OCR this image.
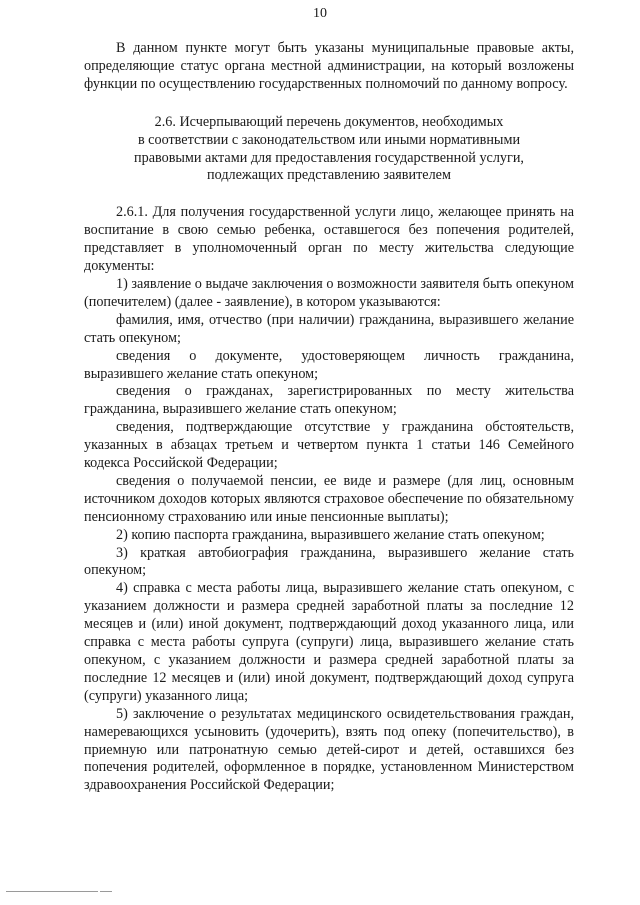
10

В данном пункте могут быть указаны муниципальные правовые акты, определяющие статус органа местной администрации, на который возложены функции по осуществлению государственных полномочий по данному вопросу.

2.6. Исчерпывающий перечень документов, необходимых
в соответствии с законодательством или иными нормативными
правовыми актами для предоставления государственной услуги,
подлежащих представлению заявителем

2.6.1. Для получения государственной услуги лицо, желающее принять на воспитание в свою семью ребенка, оставшегося без попечения родителей, представляет в уполномоченный орган по месту жительства следующие документы:

1) заявление о выдаче заключения о возможности заявителя быть опекуном (попечителем) (далее - заявление), в котором указываются:

фамилия, имя, отчество (при наличии) гражданина, выразившего желание стать опекуном;

сведения о документе, удостоверяющем личность гражданина, выразившего желание стать опекуном;

сведения о гражданах, зарегистрированных по месту жительства гражданина, выразившего желание стать опекуном;

сведения, подтверждающие отсутствие у гражданина обстоятельств, указанных в абзацах третьем и четвертом пункта 1 статьи 146 Семейного кодекса Российской Федерации;

сведения о получаемой пенсии, ее виде и размере (для лиц, основным источником доходов которых являются страховое обеспечение по обязательному пенсионному страхованию или иные пенсионные выплаты);

2) копию паспорта гражданина, выразившего желание стать опекуном;

3) краткая автобиография гражданина, выразившего желание стать опекуном;

4) справка с места работы лица, выразившего желание стать опекуном, с указанием должности и размера средней заработной платы за последние 12 месяцев и (или) иной документ, подтверждающий доход указанного лица, или справка с места работы супруга (супруги) лица, выразившего желание стать опекуном, с указанием должности и размера средней заработной платы за последние 12 месяцев и (или) иной документ, подтверждающий доход супруга (супруги) указанного лица;

5) заключение о результатах медицинского освидетельствования граждан, намеревающихся усыновить (удочерить), взять под опеку (попечительство), в приемную или патронатную семью детей-сирот и детей, оставшихся без попечения родителей, оформленное в порядке, установленном Министерством здравоохранения Российской Федерации;
